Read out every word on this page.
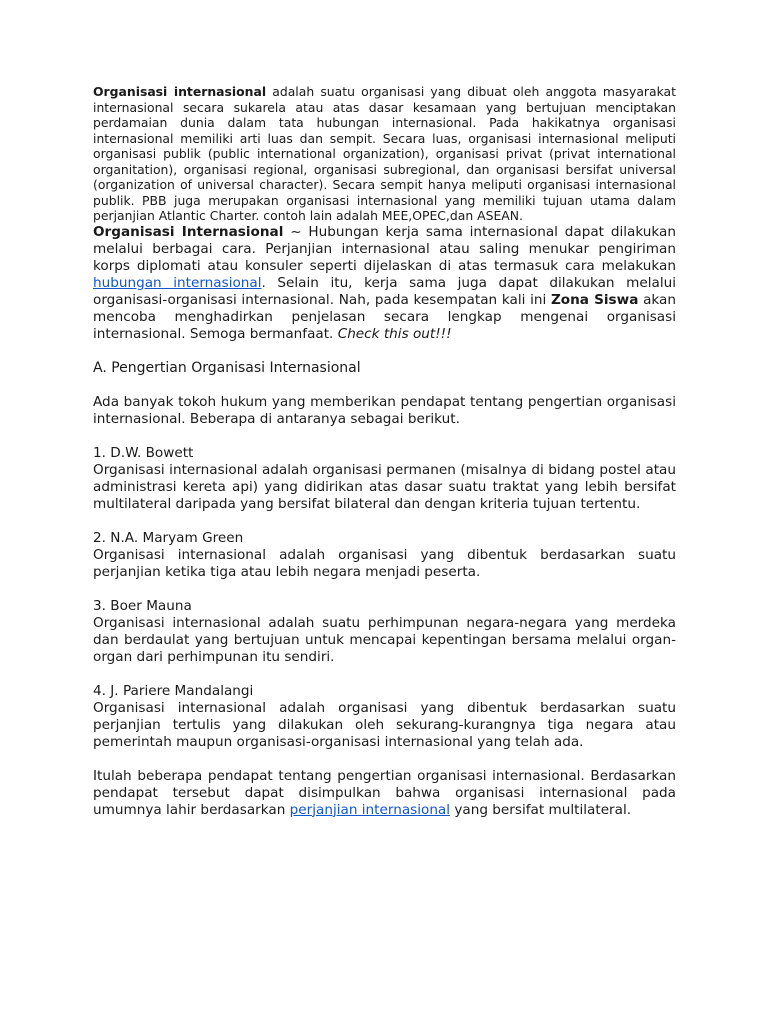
Organisasi internasional adalah suatu organisasi yang dibuat oleh anggota masyarakat internasional secara sukarela atau atas dasar kesamaan yang bertujuan menciptakan perdamaian dunia dalam tata hubungan internasional. Pada hakikatnya organisasi internasional memiliki arti luas dan sempit. Secara luas, organisasi internasional meliputi organisasi publik (public international organization), organisasi privat (privat international organitation), organisasi regional, organisasi subregional, dan organisasi bersifat universal (organization of universal character). Secara sempit hanya meliputi organisasi internasional publik. PBB juga merupakan organisasi internasional yang memiliki tujuan utama dalam perjanjian Atlantic Charter. contoh lain adalah MEE,OPEC,dan ASEAN.

Organisasi Internasional ~ Hubungan kerja sama internasional dapat dilakukan melalui berbagai cara. Perjanjian internasional atau saling menukar pengiriman korps diplomati atau konsuler seperti dijelaskan di atas termasuk cara melakukan hubungan internasional. Selain itu, kerja sama juga dapat dilakukan melalui organisasi-organisasi internasional. Nah, pada kesempatan kali ini Zona Siswa akan mencoba menghadirkan penjelasan secara lengkap mengenai organisasi internasional. Semoga bermanfaat. Check this out!!!

A. Pengertian Organisasi Internasional

Ada banyak tokoh hukum yang memberikan pendapat tentang pengertian organisasi internasional. Beberapa di antaranya sebagai berikut.

1. D.W. Bowett

Organisasi internasional adalah organisasi permanen (misalnya di bidang postel atau administrasi kereta api) yang didirikan atas dasar suatu traktat yang lebih bersifat multilateral daripada yang bersifat bilateral dan dengan kriteria tujuan tertentu.

2. N.A. Maryam Green

Organisasi internasional adalah organisasi yang dibentuk berdasarkan suatu perjanjian ketika tiga atau lebih negara menjadi peserta.

3. Boer Mauna

Organisasi internasional adalah suatu perhimpunan negara-negara yang merdeka dan berdaulat yang bertujuan untuk mencapai kepentingan bersama melalui organ-organ dari perhimpunan itu sendiri.

4. J. Pariere Mandalangi

Organisasi internasional adalah organisasi yang dibentuk berdasarkan suatu perjanjian tertulis yang dilakukan oleh sekurang-kurangnya tiga negara atau pemerintah maupun organisasi-organisasi internasional yang telah ada.

Itulah beberapa pendapat tentang pengertian organisasi internasional. Berdasarkan pendapat tersebut dapat disimpulkan bahwa organisasi internasional pada umumnya lahir berdasarkan perjanjian internasional yang bersifat multilateral.
